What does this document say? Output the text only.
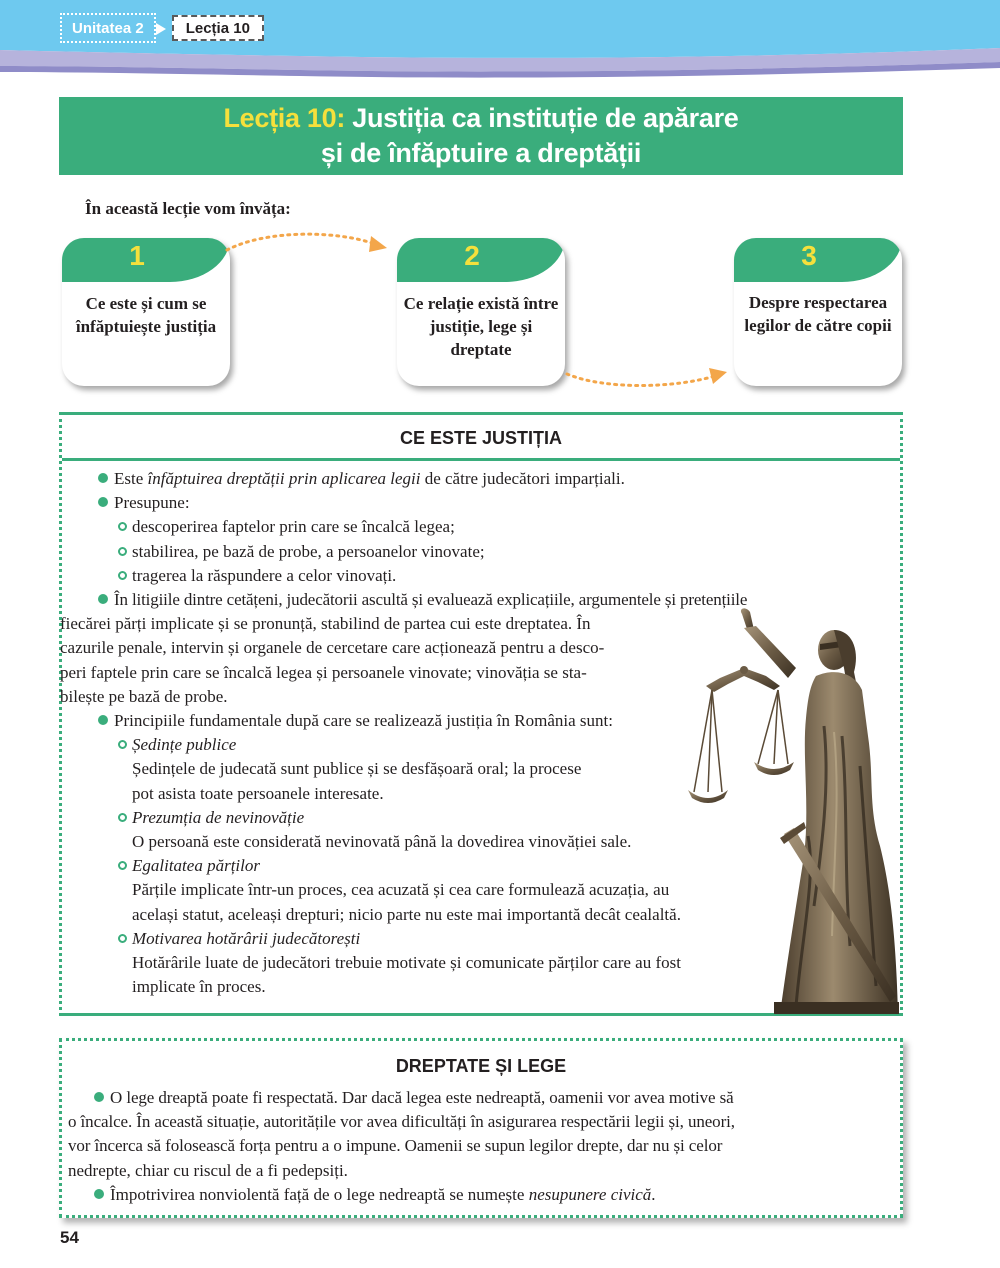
Unitatea 2	Lecția 10
Lecția 10: Justiția ca instituție de apărare
și de înfăptuire a dreptății
În această lecție vom învăța:
1
Ce este și cum se înfăptuiește justiția
2
Ce relație există între justiție, lege și dreptate
3
Despre respectarea legilor de către copii
CE ESTE JUSTIȚIA
Este înfăptuirea dreptății prin aplicarea legii de către judecători imparțiali.
Presupune:
descoperirea faptelor prin care se încalcă legea;
stabilirea, pe bază de probe, a persoanelor vinovate;
tragerea la răspundere a celor vinovați.
În litigiile dintre cetățeni, judecătorii ascultă și evaluează explicațiile, argumentele și pretențiile
fiecărei părți implicate și se pronunță, stabilind de partea cui este dreptatea. În
cazurile penale, intervin și organele de cercetare care acționează pentru a desco-
peri faptele prin care se încalcă legea și persoanele vinovate; vinovăția se sta-
bilește pe bază de probe.
Principiile fundamentale după care se realizează justiția în România sunt:
Ședințe publice
Ședințele de judecată sunt publice și se desfășoară oral; la procese
pot asista toate persoanele interesate.
Prezumția de nevinovăție
O persoană este considerată nevinovată până la dovedirea vinovăției sale.
Egalitatea părților
Părțile implicate într-un proces, cea acuzată și cea care formulează acuzația, au
același statut, aceleași drepturi; nicio parte nu este mai importantă decât cealaltă.
Motivarea hotărârii judecătorești
Hotărârile luate de judecători trebuie motivate și comunicate părților care au fost
implicate în proces.
DREPTATE ȘI LEGE
O lege dreaptă poate fi respectată. Dar dacă legea este nedreaptă, oamenii vor avea motive să
o încalce. În această situație, autoritățile vor avea dificultăți în asigurarea respectării legii și, uneori,
vor încerca să folosească forța pentru a o impune. Oamenii se supun legilor drepte, dar nu și celor
nedrepte, chiar cu riscul de a fi pedepsiți.
Împotrivirea nonviolentă față de o lege nedreaptă se numește nesupunere civică.
54
